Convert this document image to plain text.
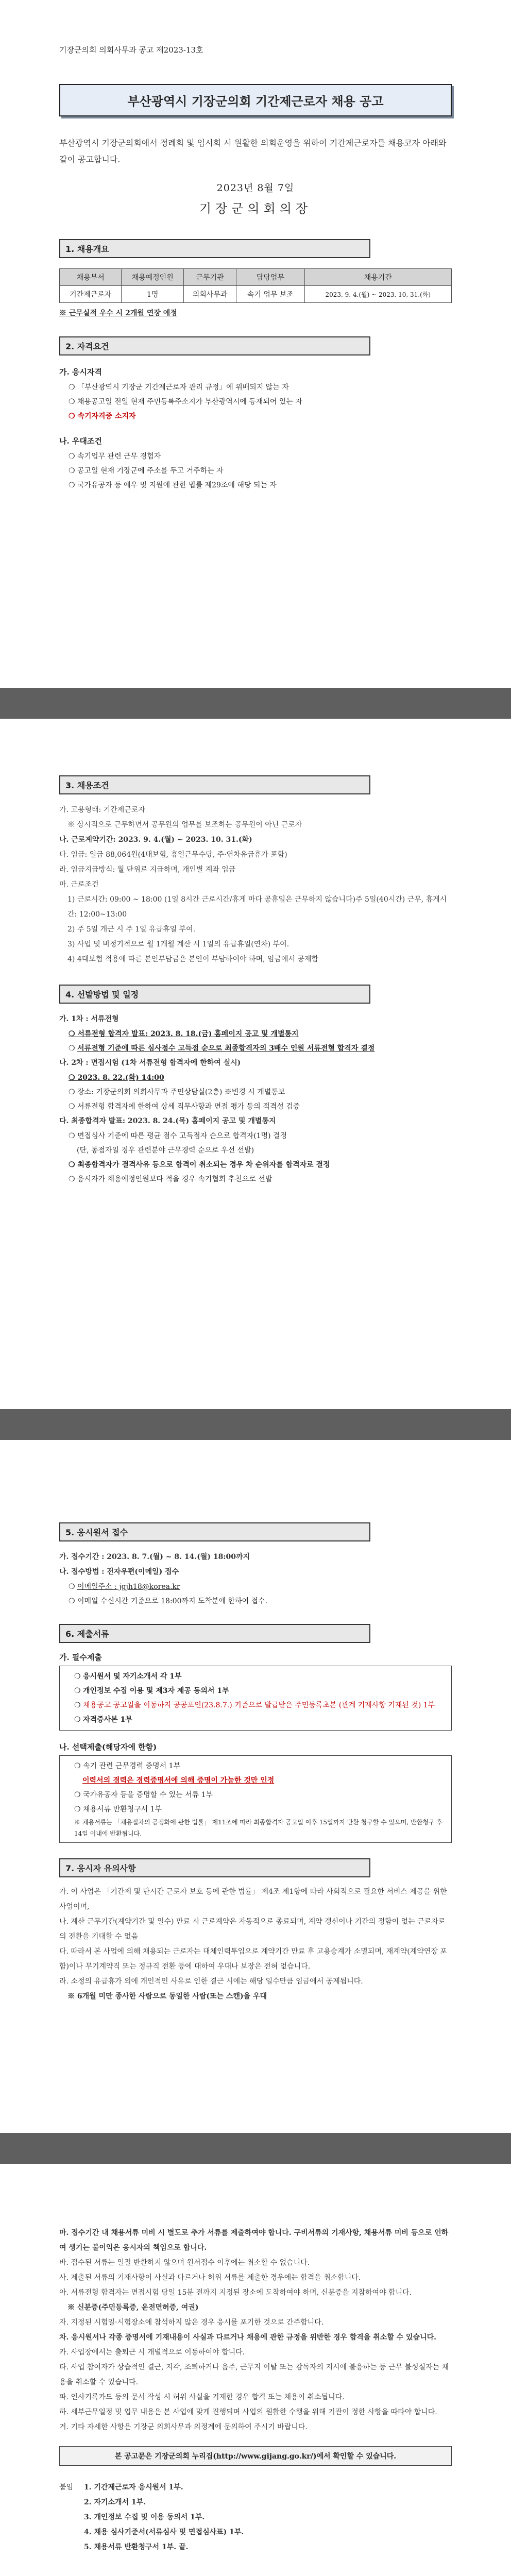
기장군의회 의회사무과 공고 제2023-13호
부산광역시 기장군의회 기간제근로자 채용 공고
부산광역시 기장군의회에서 정례회 및 임시회 시 원활한 의회운영을 위하여 기간제근로자를 채용코자 아래와 같이 공고합니다.
2023년 8월 7일
기장군의회의장
1. 채용개요
채용부서	채용예정인원	근무기관	담당업무	채용기간
기간제근로자	1명	의회사무과	속기 업무 보조	2023. 9. 4.(월) ~ 2023. 10. 31.(화)
※ 근무실적 우수 시 2개월 연장 예정
2. 자격요건
가. 응시자격
❍ 「부산광역시 기장군 기간제근로자 관리 규정」에 위배되지 않는 자
❍ 채용공고일 전일 현재 주민등록주소지가 부산광역시에 등재되어 있는 자
❍ 속기자격증 소지자
나. 우대조건
❍ 속기업무 관련 근무 경험자
❍ 공고일 현재 기장군에 주소를 두고 거주하는 자
❍ 국가유공자 등 예우 및 지원에 관한 법률 제29조에 해당 되는 자
3. 채용조건
가. 고용형태: 기간제근로자
※ 상시적으로 근무하면서 공무원의 업무를 보조하는 공무원이 아닌 근로자
나. 근로계약기간: 2023. 9. 4.(월) ~ 2023. 10. 31.(화)
다. 임금: 일급 88,064원(4대보험, 휴일근무수당, 주·연차유급휴가 포함)
라. 임금지급방식: 월 단위로 지급하며, 개인별 계좌 입금
마. 근로조건
1) 근로시간: 09:00 ~ 18:00 (1일 8시간 근로시간/휴게 마다 공휴일은 근무하지 않습니다)주 5일(40시간) 근무, 휴게시간: 12:00~13:00
2) 주 5일 개근 시 주 1일 유급휴일 부여.
3) 사업 및 비정기적으로 월 1개월 계산 시 1일의 유급휴일(연차) 부여.
4) 4대보험 적용에 따른 본인부담금은 본인이 부담하여야 하며, 임금에서 공제함
4. 선발방법 및 일정
가. 1차 : 서류전형
❍ 서류전형 합격자 발표: 2023. 8. 18.(금) 홈페이지 공고 및 개별통지
❍ 서류전형 기준에 따른 심사점수 고득점 순으로 최종합격자의 3배수 인원 서류전형 합격자 결정
나. 2차 : 면접시험 (1차 서류전형 합격자에 한하여 실시)
❍ 2023. 8. 22.(화) 14:00
❍ 장소: 기장군의회 의회사무과 주민상담실(2층) ※변경 시 개별통보
❍ 서류전형 합격자에 한하여 상세 직무사항과 면접 평가 등의 적격성 검증
다. 최종합격자 발표: 2023. 8. 24.(목) 홈페이지 공고 및 개별통지
❍ 면접심사 기준에 따른 평균 점수 고득점자 순으로 합격자(1명) 결정
(단, 동점자일 경우 관련분야 근무경력 순으로 우선 선발)
❍ 최종합격자가 결격사유 등으로 합격이 취소되는 경우 차 순위자를 합격자로 결정
❍ 응시자가 채용예정인원보다 적을 경우 속기협회 추천으로 선발
5. 응시원서 접수
가. 접수기간 : 2023. 8. 7.(월) ~ 8. 14.(월) 18:00까지
나. 접수방법 : 전자우편(이메일) 접수
❍ 이메일주소 : jgjh18@korea.kr
❍ 이메일 수신시간 기준으로 18:00까지 도착분에 한하여 접수.
6. 제출서류
가. 필수제출
❍ 응시원서 및 자기소개서 각 1부
❍ 개인정보 수집 이용 및 제3자 제공 동의서 1부
❍ 채용공고 공고일을 이동하지 공공포인(23.8.7.) 기준으로 발급받은 주민등록초본 (관계 기재사항 기재된 것) 1부
❍ 자격증사본 1부
나. 선택제출(해당자에 한함)
❍ 속기 관련 근무경력 증명서 1부
이력서의 경력은 경력증명서에 의해 증명이 가능한 것만 인정
❍ 국가유공자 등을 증명할 수 있는 서류 1부
❍ 채용서류 반환청구서 1부
※ 채용서류는 「채용절차의 공정화에 관한 법률」 제11조에 따라 최종합격자 공고일 이후 15일까지 반환 청구할 수 있으며, 반환청구 후 14일 이내에 반환됩니다.
7. 응시자 유의사항
가. 이 사업은 「기간제 및 단시간 근로자 보호 등에 관한 법률」 제4조 제1항에 따라 사회적으로 필요한 서비스 제공을 위한 사업이며,
나. 계산 근무기간(계약기간 및 일수) 만료 시 근로계약은 자동적으로 종료되며, 계약 갱신이나 기간의 정함이 없는 근로자로의 전환을 기대할 수 없음
다. 따라서 본 사업에 의해 채용되는 근로자는 대체인력투입으로 계약기간 만료 후 고용승계가 소멸되며, 재계약(계약연장 포함)이나 무기계약직 또는 정규직 전환 등에 대하여 우대나 보장은 전혀 없습니다.
라. 소정의 유급휴가 외에 개인적인 사유로 인한 결근 시에는 해당 일수만큼 임금에서 공제됩니다.
※ 6개월 미만 종사한 사람으로 동일한 사람(또는 스캔)을 우대
마. 접수기간 내 채용서류 미비 시 별도로 추가 서류를 제출하여야 합니다. 구비서류의 기재사항, 채용서류 미비 등으로 인하여 생기는 불이익은 응시자의 책임으로 합니다.
바. 접수된 서류는 일절 반환하지 않으며 원서접수 이후에는 취소할 수 없습니다.
사. 제출된 서류의 기재사항이 사실과 다르거나 허위 서류를 제출한 경우에는 합격을 취소합니다.
아. 서류전형 합격자는 면접시험 당일 15분 전까지 지정된 장소에 도착하여야 하며, 신분증을 지참하여야 합니다.
※ 신분증(주민등록증, 운전면허증, 여권)
자. 지정된 시험일·시험장소에 참석하지 않은 경우 응시를 포기한 것으로 간주합니다.
차. 응시원서나 각종 증명서에 기재내용이 사실과 다르거나 채용에 관한 규정을 위반한 경우 합격을 취소할 수 있습니다.
카. 사업장에서는 출퇴근 시 개별적으로 이동하여야 합니다.
타. 사업 참여자가 상습적인 결근, 지각, 조퇴하거나 음주, 근무지 이탈 또는 감독자의 지시에 불응하는 등 근무 불성실자는 채용을 취소할 수 있습니다.
파. 인사기록카드 등의 문서 작성 시 허위 사실을 기재한 경우 합격 또는 채용이 취소됩니다.
하. 세부근무일정 및 업무 내용은 본 사업에 맞게 진행되며 사업의 원활한 수행을 위해 기관이 정한 사항을 따라야 합니다.
거. 기타 자세한 사항은 기장군 의회사무과 의정계에 문의하여 주시기 바랍니다.
본 공고문은 기장군의회 누리집(http://www.gijang.go.kr/)에서 확인할 수 있습니다.
붙임	1. 기간제근로자 응시원서 1부.
2. 자기소개서 1부.
3. 개인정보 수집 및 이용 동의서 1부.
4. 채용 심사기준서(서류심사 및 면접심사표) 1부.
5. 채용서류 반환청구서 1부. 끝.
